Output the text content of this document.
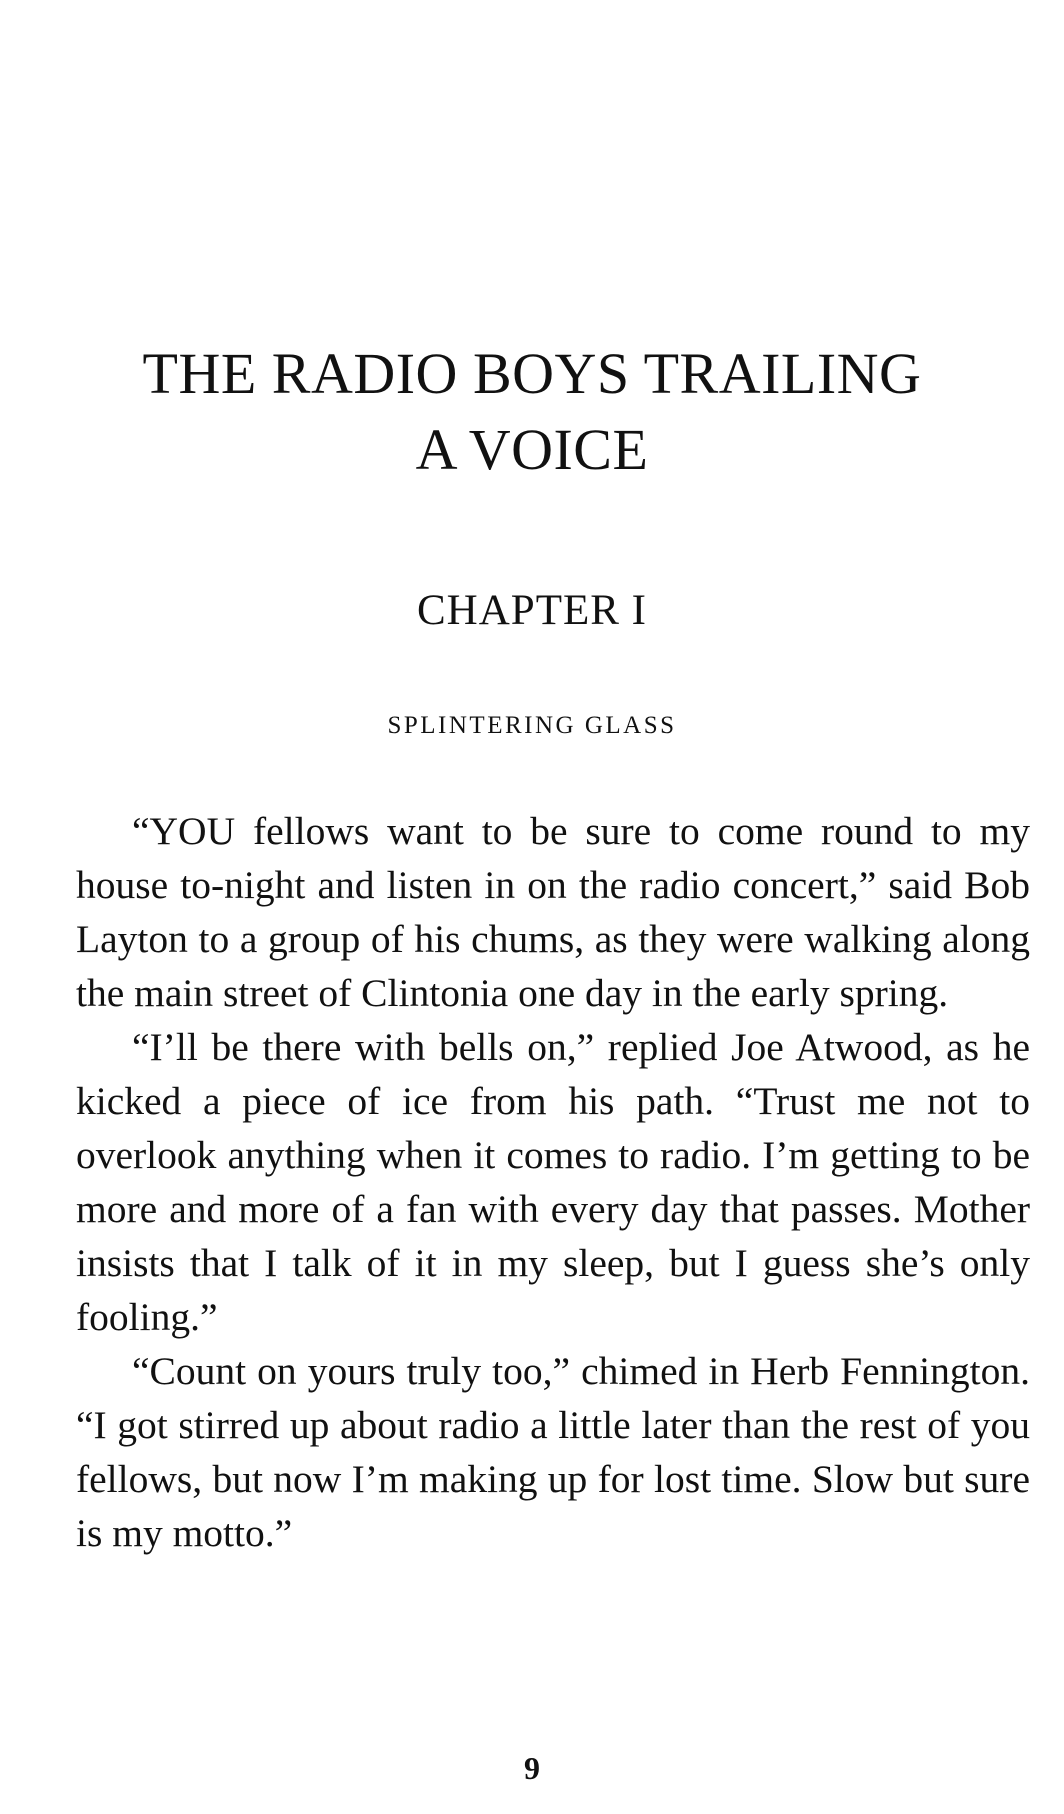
THE RADIO BOYS TRAILING
A VOICE
CHAPTER I
SPLINTERING GLASS

“YOU fellows want to be sure to come round to my house to-night and listen in on the radio concert,” said Bob Layton to a group of his chums, as they were walking along the main street of Clintonia one day in the early spring.

“I’ll be there with bells on,” replied Joe Atwood, as he kicked a piece of ice from his path. “Trust me not to overlook anything when it comes to radio. I’m getting to be more and more of a fan with every day that passes. Mother insists that I talk of it in my sleep, but I guess she’s only fooling.”

“Count on yours truly too,” chimed in Herb Fennington. “I got stirred up about radio a little later than the rest of you fellows, but now I’m making up for lost time. Slow but sure is my motto.”

9
